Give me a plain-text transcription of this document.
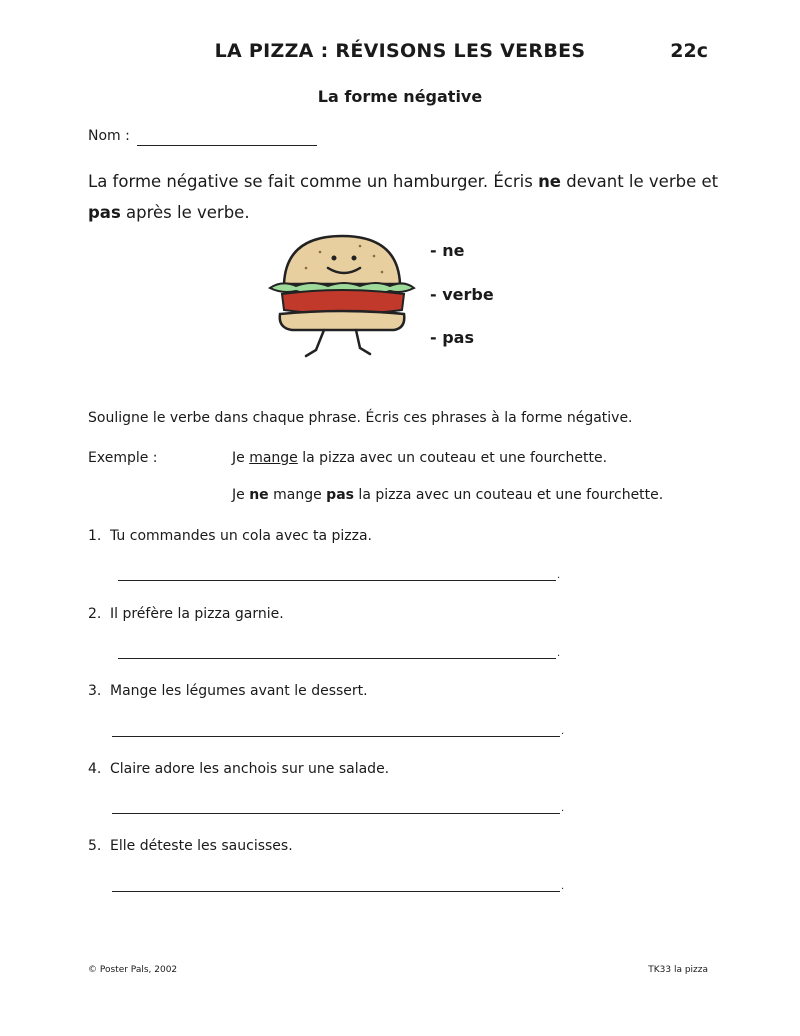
LA PIZZA : RÉVISONS LES VERBES	22c
La forme négative
Nom :
La forme négative se fait comme un hamburger. Écris ne devant le verbe et pas après le verbe.
- ne
- verbe
- pas
Souligne le verbe dans chaque phrase. Écris ces phrases à la forme négative.
Exemple :	Je mange la pizza avec un couteau et une fourchette.
Je ne mange pas la pizza avec un couteau et une fourchette.
1. Tu commandes un cola avec ta pizza.
.
2. Il préfère la pizza garnie.
.
3. Mange les légumes avant le dessert.
.
4. Claire adore les anchois sur une salade.
.
5. Elle déteste les saucisses.
.
© Poster Pals, 2002	TK33 la pizza
